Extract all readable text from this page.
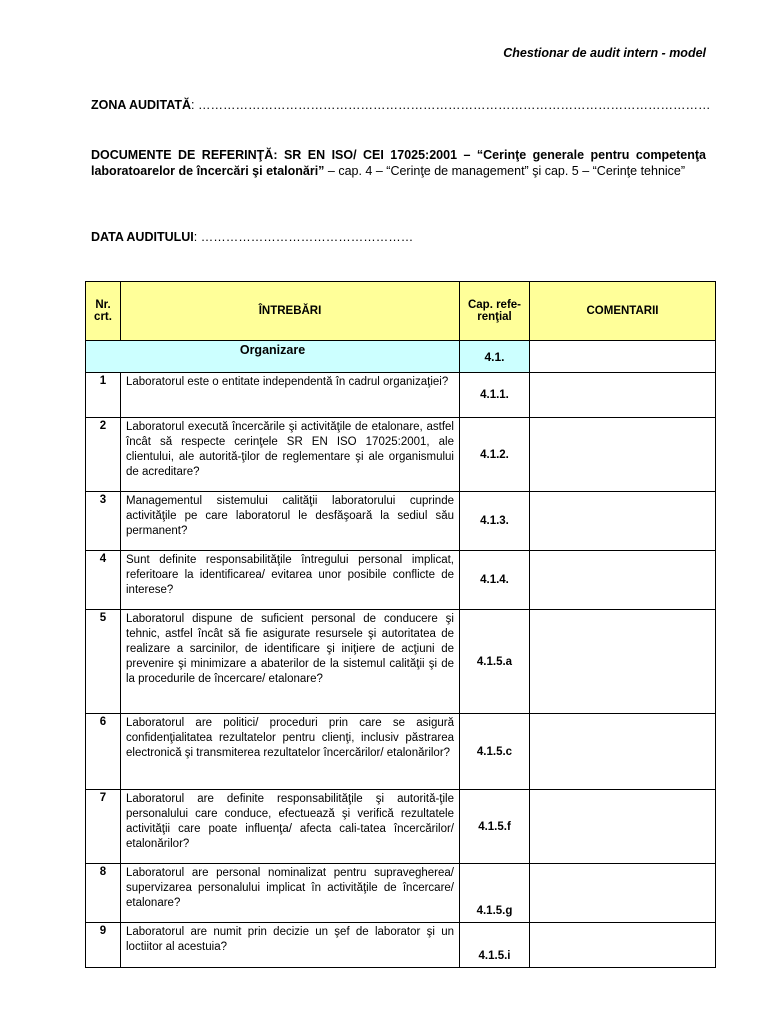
Chestionar de audit intern - model
ZONA AUDITATĂ: ……………………………………………………………………………………………………………
DOCUMENTE DE REFERINŢĂ: SR EN ISO/ CEI 17025:2001 – “Cerinţe generale pentru competenţa laboratoarelor de încercări şi etalonări” – cap. 4 – “Cerinţe de management” şi cap. 5 – “Cerinţe tehnice”
DATA AUDITULUI: ……………………………………………
Nr. crt.	ÎNTREBĂRI	Cap. refe-renţial	COMENTARII
Organizare		4.1.	
1	Laboratorul este o entitate independentă în cadrul organizaţiei?	4.1.1.	
2	Laboratorul execută încercările şi activităţile de etalonare, astfel încât să respecte cerinţele SR EN ISO 17025:2001, ale clientului, ale autorită-ţilor de reglementare şi ale organismului de acreditare?	4.1.2.	
3	Managementul sistemului calităţii laboratorului cuprinde activităţile pe care laboratorul le desfăşoară la sediul său permanent?	4.1.3.	
4	Sunt definite responsabilităţile întregului personal implicat, referitoare la identificarea/ evitarea unor posibile conflicte de interese?	4.1.4.	
5	Laboratorul dispune de suficient personal de conducere şi tehnic, astfel încât să fie asigurate resursele şi autoritatea de realizare a sarcinilor, de identificare şi iniţiere de acţiuni de prevenire şi minimizare a abaterilor de la sistemul calităţii şi de la procedurile de încercare/ etalonare?	4.1.5.a	
6	Laboratorul are politici/ proceduri prin care se asigură confidenţialitatea rezultatelor pentru clienţi, inclusiv păstrarea electronică şi transmiterea rezultatelor încercărilor/ etalonărilor?	4.1.5.c	
7	Laboratorul are definite responsabilităţile şi autorită-ţile personalului care conduce, efectuează şi verifică rezultatele activităţii care poate influenţa/ afecta cali-tatea încercărilor/ etalonărilor?	4.1.5.f	
8	Laboratorul are personal nominalizat pentru supravegherea/ supervizarea personalului implicat în activităţile de încercare/ etalonare?	4.1.5.g	
9	Laboratorul are numit prin decizie un şef de laborator şi un loctiitor al acestuia?	4.1.5.i	
